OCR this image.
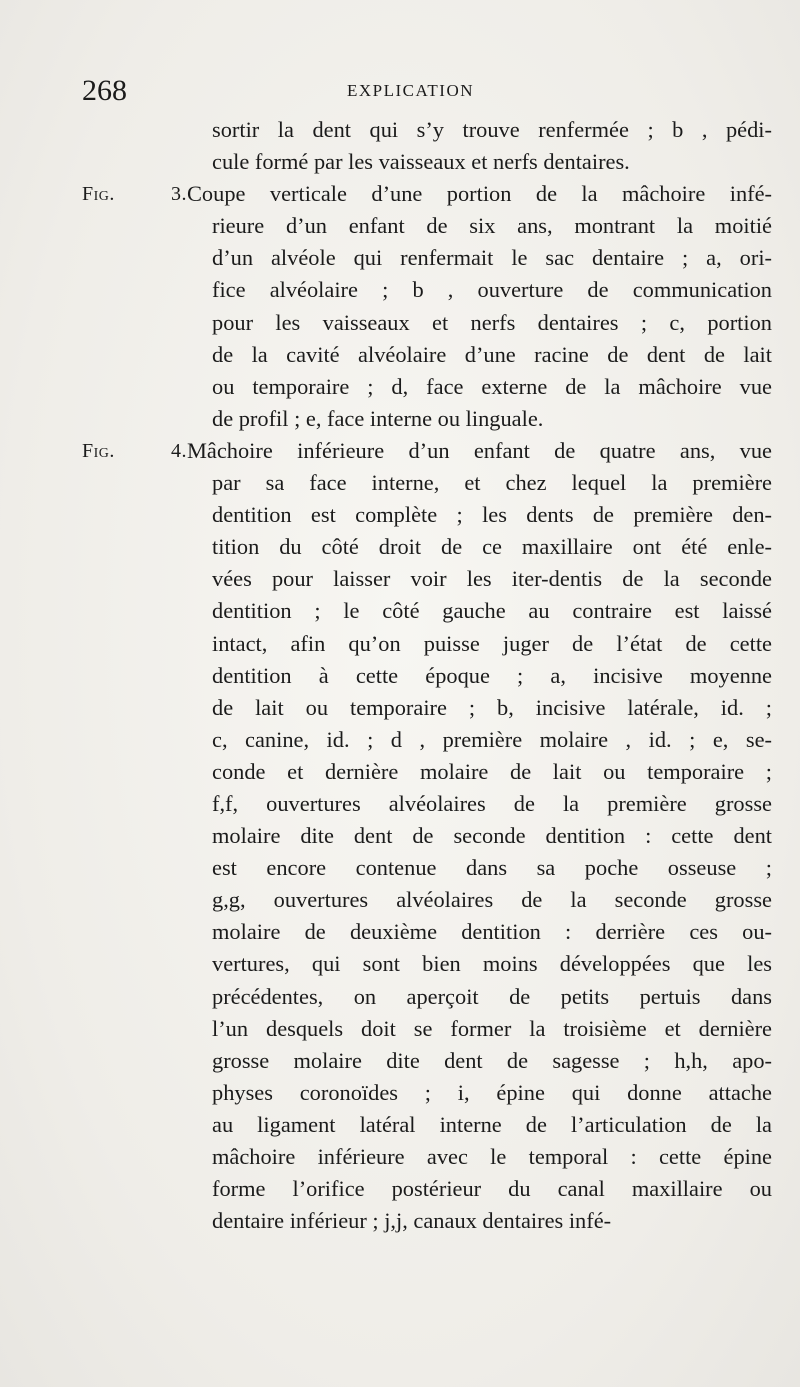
268	EXPLICATION
sortir la dent qui s’y trouve renfermée ; b , pédi-
cule formé par les vaisseaux et nerfs dentaires.
Fig. 3. Coupe verticale d’une portion de la mâchoire infé-
rieure d’un enfant de six ans, montrant la moitié
d’un alvéole qui renfermait le sac dentaire ; a, ori-
fice alvéolaire ; b , ouverture de communication
pour les vaisseaux et nerfs dentaires ; c, portion
de la cavité alvéolaire d’une racine de dent de lait
ou temporaire ; d, face externe de la mâchoire vue
de profil ; e, face interne ou linguale.
Fig. 4. Mâchoire inférieure d’un enfant de quatre ans, vue
par sa face interne, et chez lequel la première
dentition est complète ; les dents de première den-
tition du côté droit de ce maxillaire ont été enle-
vées pour laisser voir les iter-dentis de la seconde
dentition ; le côté gauche au contraire est laissé
intact, afin qu’on puisse juger de l’état de cette
dentition à cette époque ; a, incisive moyenne
de lait ou temporaire ; b, incisive latérale, id. ;
c, canine, id. ; d , première molaire , id. ; e, se-
conde et dernière molaire de lait ou temporaire ;
f,f, ouvertures alvéolaires de la première grosse
molaire dite dent de seconde dentition : cette dent
est encore contenue dans sa poche osseuse ;
g,g, ouvertures alvéolaires de la seconde grosse
molaire de deuxième dentition : derrière ces ou-
vertures, qui sont bien moins développées que les
précédentes, on aperçoit de petits pertuis dans
l’un desquels doit se former la troisième et dernière
grosse molaire dite dent de sagesse ; h,h, apo-
physes coronoïdes ; i, épine qui donne attache
au ligament latéral interne de l’articulation de la
mâchoire inférieure avec le temporal : cette épine
forme l’orifice postérieur du canal maxillaire ou
dentaire inférieur ; j,j, canaux dentaires infé-
